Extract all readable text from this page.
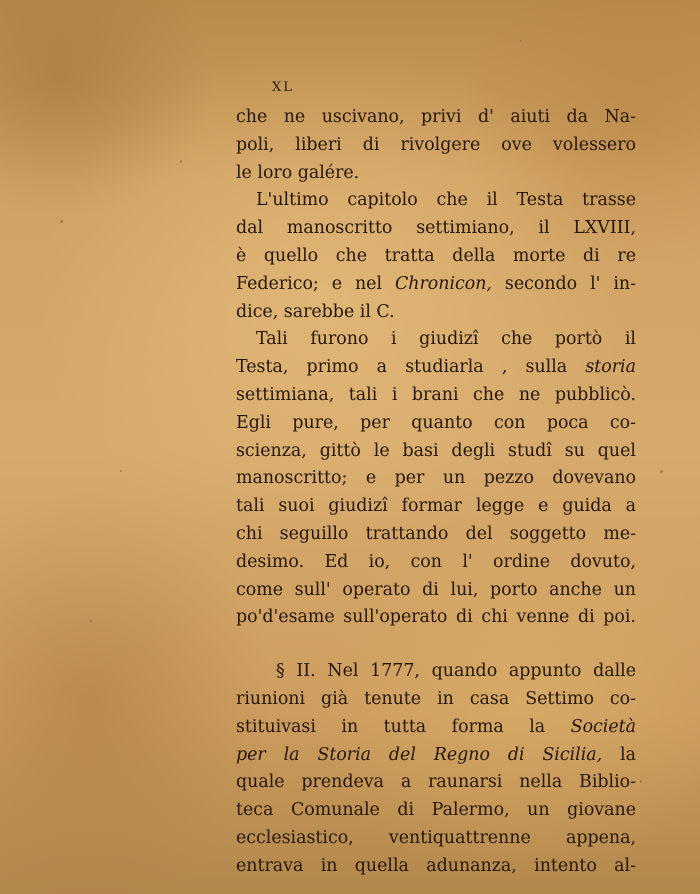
XL
che ne uscivano, privi d' aiuti da Na-
poli, liberi di rivolgere ove volessero
le loro galére.
L'ultimo capitolo che il Testa trasse
dal manoscritto settimiano, il LXVIII,
è quello che tratta della morte di re
Federico; e nel Chronicon, secondo l' in-
dice, sarebbe il C.
Tali furono i giudizî che portò il
Testa, primo a studiarla , sulla storia
settimiana, tali i brani che ne pubblicò.
Egli pure, per quanto con poca co-
scienza, gittò le basi degli studî su quel
manoscritto; e per un pezzo dovevano
tali suoi giudizî formar legge e guida a
chi seguillo trattando del soggetto me-
desimo. Ed io, con l' ordine dovuto,
come sull' operato di lui, porto anche un
po'd'esame sull'operato di chi venne di poi.
§ II. Nel 1777, quando appunto dalle
riunioni già tenute in casa Settimo co-
stituivasi in tutta forma la Società
per la Storia del Regno di Sicilia, la
quale prendeva a raunarsi nella Biblio-
teca Comunale di Palermo, un giovane
ecclesiastico, ventiquattrenne appena,
entrava in quella adunanza, intento al-
